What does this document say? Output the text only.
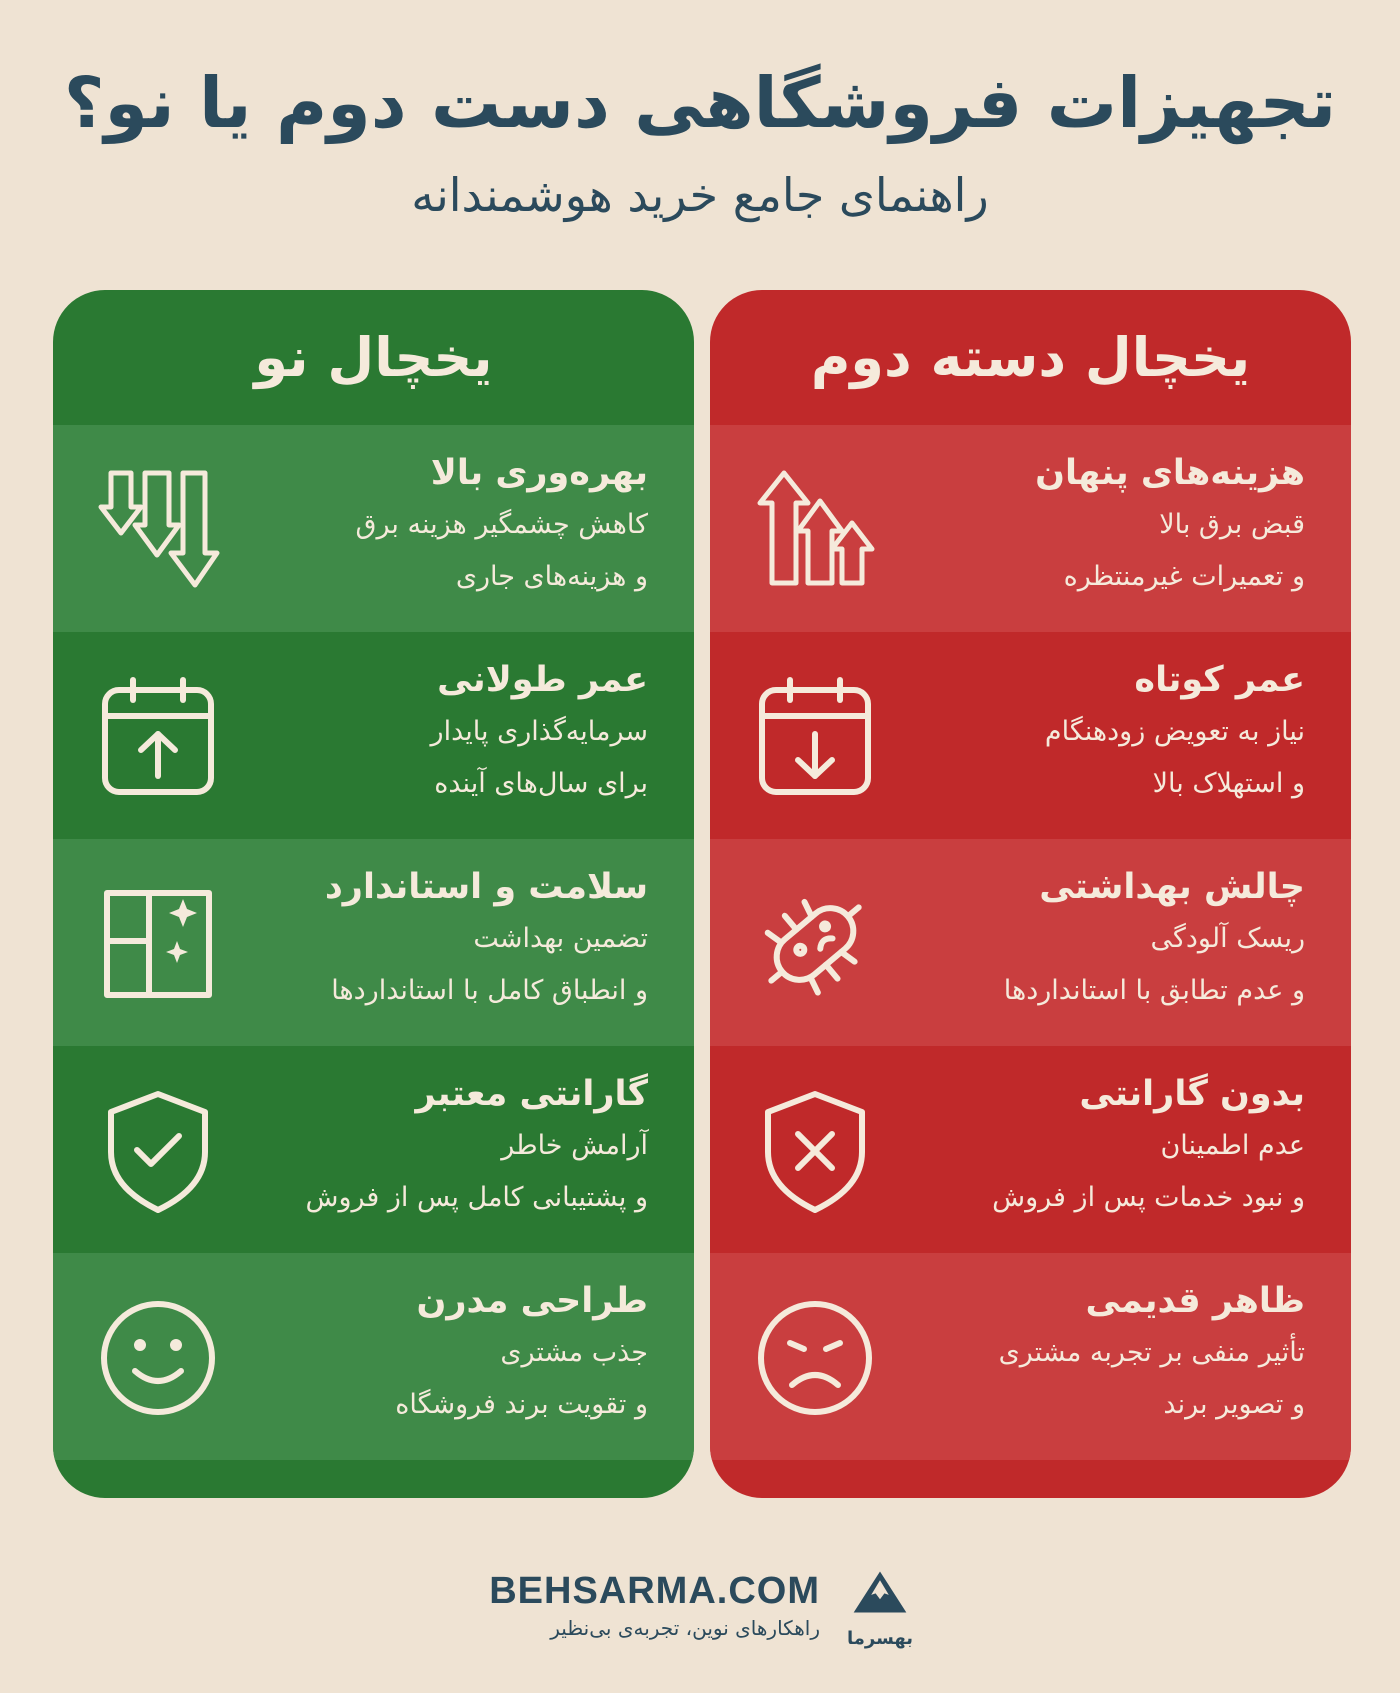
تجهیزات فروشگاهی دست دوم یا نو؟
راهنمای جامع خرید هوشمندانه
یخچال دسته دوم
هزینه‌های پنهان
قبض برق بالا
و تعمیرات غیرمنتظره
عمر کوتاه
نیاز به تعویض زودهنگام
و استهلاک بالا
چالش بهداشتی
ریسک آلودگی
و عدم تطابق با استانداردها
بدون گارانتی
عدم اطمینان
و نبود خدمات پس از فروش
ظاهر قدیمی
تأثیر منفی بر تجربه مشتری
و تصویر برند
یخچال نو
بهره‌وری بالا
کاهش چشمگیر هزینه برق
و هزینه‌های جاری
عمر طولانی
سرمایه‌گذاری پایدار
برای سال‌های آینده
سلامت و استاندارد
تضمین بهداشت
و انطباق کامل با استانداردها
گارانتی معتبر
آرامش خاطر
و پشتیبانی کامل پس از فروش
طراحی مدرن
جذب مشتری
و تقویت برند فروشگاه
BEHSARMA.COM
راهکارهای نوین، تجربه‌ی بی‌نظیر بهسرما
